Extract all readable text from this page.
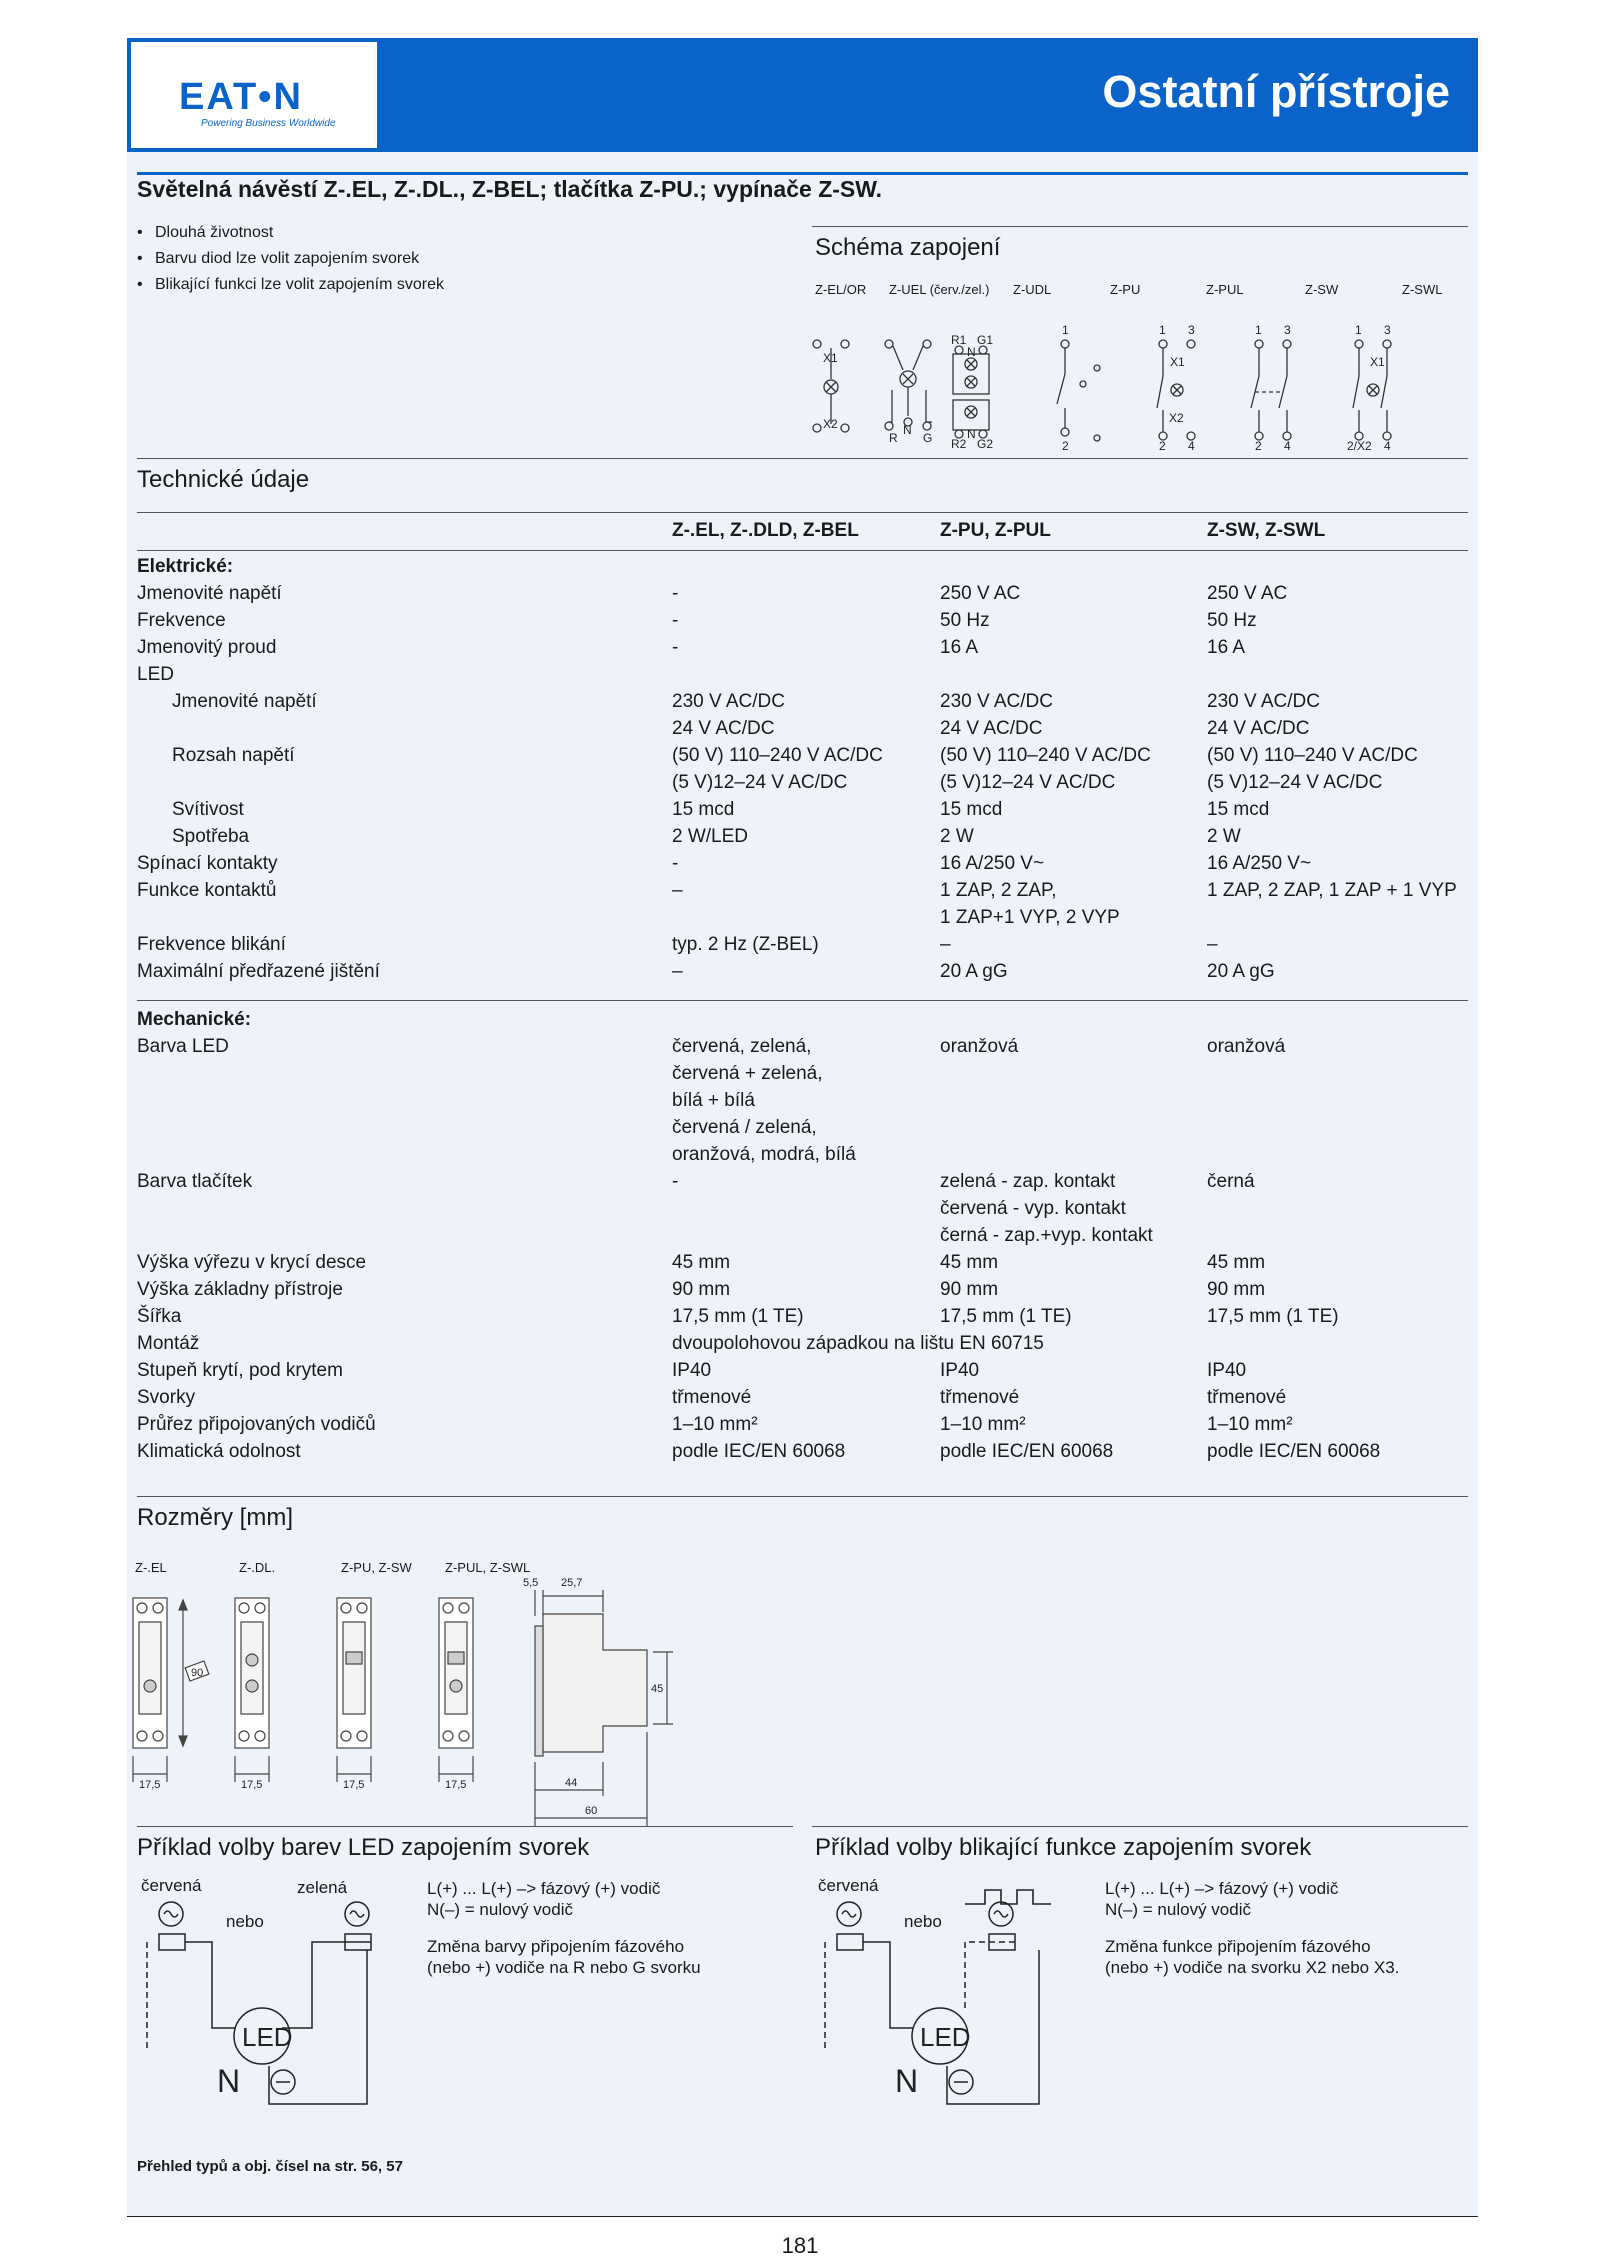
EAT•N
Powering Business Worldwide
Ostatní přístroje
Světelná návěstí Z-.EL, Z-.DL., Z-BEL; tlačítka Z-PU.; vypínače Z-SW.
• Dlouhá životnost
• Barvu diod lze volit zapojením svorek
• Blikající funkci lze volit zapojením svorek
Schéma zapojení
Z-EL/OR Z-UEL (červ./zel.) Z-UDL	Z-PU	Z-PUL	Z-SW	Z-SWL
X1
X2
R
N
G
R1 G1
N
R2
N
G2
1
2
1 3
X1
X2
2 4
1 3
2 4
1 3
X1
2/X2 4
Technické údaje
Z-.EL, Z-.DLD, Z-BEL	Z-PU, Z-PUL	Z-SW, Z-SWL
Elektrické:
Jmenovité napětí	-	250 V AC	250 V AC
Frekvence	-	50 Hz	50 Hz
Jmenovitý proud	-	16 A	16 A
LED
Jmenovité napětí	230 V AC/DC	230 V AC/DC	230 V AC/DC
24 V AC/DC	24 V AC/DC	24 V AC/DC
Rozsah napětí	(50 V) 110–240 V AC/DC	(50 V) 110–240 V AC/DC	(50 V) 110–240 V AC/DC
(5 V)12–24 V AC/DC	(5 V)12–24 V AC/DC	(5 V)12–24 V AC/DC
Svítivost	15 mcd	15 mcd	15 mcd
Spotřeba	2 W/LED	2 W	2 W
Spínací kontakty	-	16 A/250 V~	16 A/250 V~
Funkce kontaktů	–	1 ZAP, 2 ZAP,	1 ZAP, 2 ZAP, 1 ZAP + 1 VYP
1 ZAP+1 VYP, 2 VYP
Frekvence blikání	typ. 2 Hz (Z-BEL)	–	–
Maximální předřazené jištění	–	20 A gG	20 A gG
Mechanické:
Barva LED	červená, zelená,	oranžová	oranžová
červená + zelená,
bílá + bílá
červená / zelená,
oranžová, modrá, bílá
Barva tlačítek	-	zelená - zap. kontakt	černá
červená - vyp. kontakt
černá - zap.+vyp. kontakt
Výška výřezu v krycí desce	45 mm	45 mm	45 mm
Výška základny přístroje	90 mm	90 mm	90 mm
Šířka	17,5 mm (1 TE)	17,5 mm (1 TE)	17,5 mm (1 TE)
Montáž	dvoupolohovou západkou na lištu EN 60715
Stupeň krytí, pod krytem	IP40	IP40	IP40
Svorky	třmenové	třmenové	třmenové
Průřez připojovaných vodičů	1–10 mm²	1–10 mm²	1–10 mm²
Klimatická odolnost	podle IEC/EN 60068	podle IEC/EN 60068	podle IEC/EN 60068
Rozměry [mm]
Z-.EL	Z-.DL.	Z-PU, Z-SW	Z-PUL, Z-SWL
17,5	17,5	17,5	17,5
90
5,5 25,7
45
44
60
Příklad volby barev LED zapojením svorek
červená	zelená
nebo
LED
N
L(+) ... L(+) –> fázový (+) vodič
N(–) = nulový vodič
Změna barvy připojením fázového
(nebo +) vodiče na R nebo G svorku
Příklad volby blikající funkce zapojením svorek
červená
nebo
LED
N
L(+) ... L(+) –> fázový (+) vodič
N(–) = nulový vodič
Změna funkce připojením fázového
(nebo +) vodiče na svorku X2 nebo X3.
Přehled typů a obj. čísel na str. 56, 57
181
